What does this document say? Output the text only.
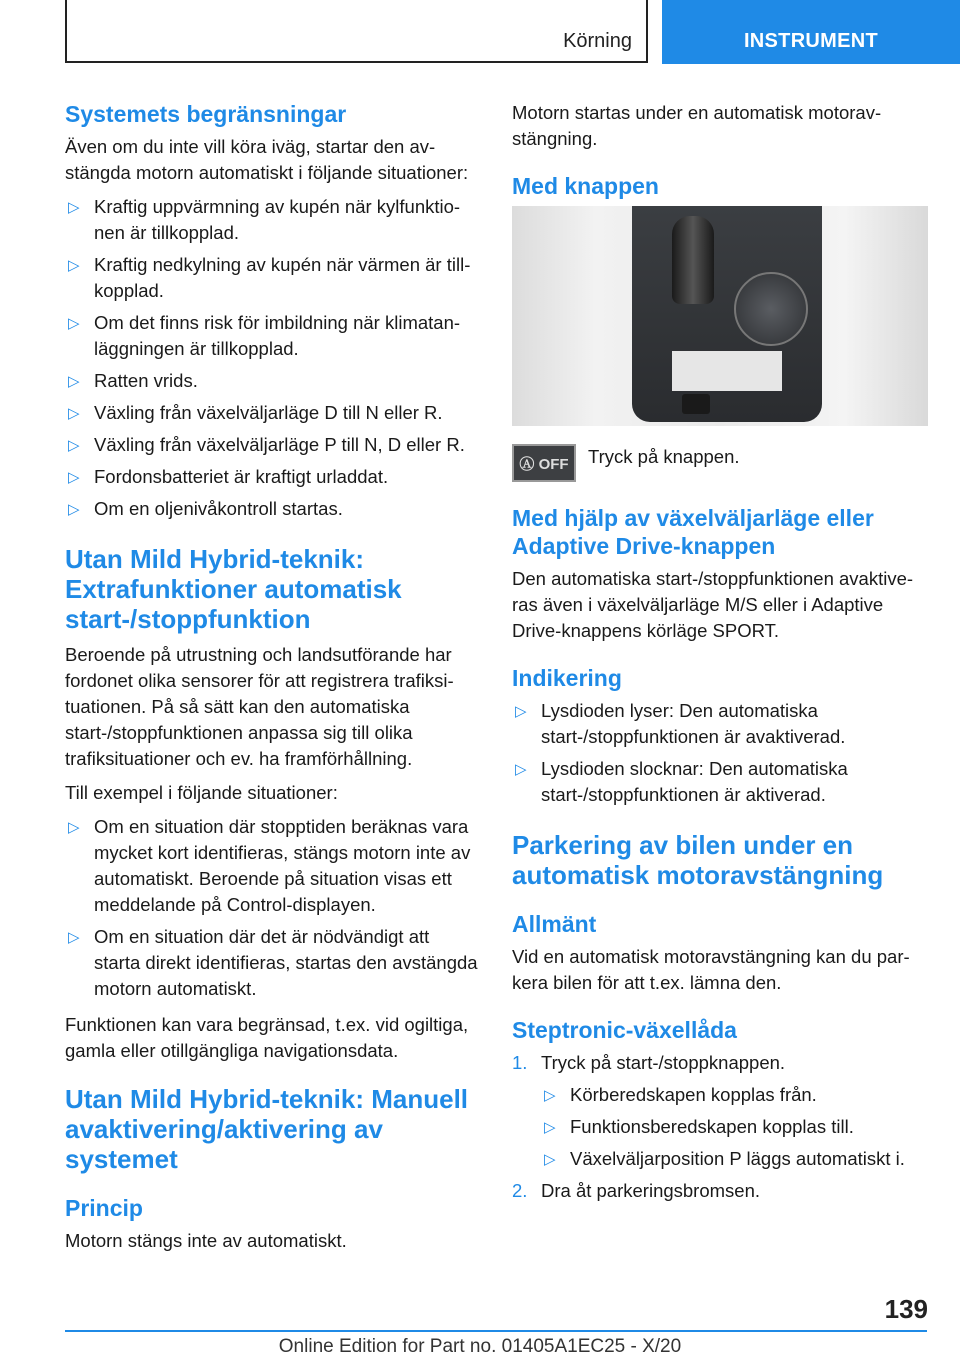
Körning	INSTRUMENT
Systemets begränsningar
Även om du inte vill köra iväg, startar den avstängda motorn automatiskt i följande situationer:
▷ Kraftig uppvärmning av kupén när kylfunktionen är tillkopplad.
▷ Kraftig nedkylning av kupén när värmen är tillkopplad.
▷ Om det finns risk för imbildning när klimatanläggningen är tillkopplad.
▷ Ratten vrids.
▷ Växling från växelväljarläge D till N eller R.
▷ Växling från växelväljarläge P till N, D eller R.
▷ Fordonsbatteriet är kraftigt urladdat.
▷ Om en oljenivåkontroll startas.
Utan Mild Hybrid-teknik: Extrafunktioner automatisk start-/stoppfunktion
Beroende på utrustning och landsutförande har fordonet olika sensorer för att registrera trafiksituationen. På så sätt kan den automatiska start-/stoppfunktionen anpassa sig till olika trafiksituationer och ev. ha framförhållning.
Till exempel i följande situationer:
▷ Om en situation där stopptiden beräknas vara mycket kort identifieras, stängs motorn inte av automatiskt. Beroende på situation visas ett meddelande på Control-displayen.
▷ Om en situation där det är nödvändigt att starta direkt identifieras, startas den avstängda motorn automatiskt.
Funktionen kan vara begränsad, t.ex. vid ogiltiga, gamla eller otillgängliga navigationsdata.
Utan Mild Hybrid-teknik: Manuell avaktivering/aktivering av systemet
Princip
Motorn stängs inte av automatiskt.
Motorn startas under en automatisk motoravstängning.
Med knappen
Ⓐ OFF	Tryck på knappen.
Med hjälp av växelväljarläge eller Adaptive Drive-knappen
Den automatiska start-/stoppfunktionen avaktiveras även i växelväljarläge M/S eller i Adaptive Drive-knappens körläge SPORT.
Indikering
▷ Lysdioden lyser: Den automatiska start-/stoppfunktionen är avaktiverad.
▷ Lysdioden slocknar: Den automatiska start-/stoppfunktionen är aktiverad.
Parkering av bilen under en automatisk motoravstängning
Allmänt
Vid en automatisk motoravstängning kan du parkera bilen för att t.ex. lämna den.
Steptronic-växellåda
1. Tryck på start-/stoppknappen.
▷ Körberedskapen kopplas från.
▷ Funktionsberedskapen kopplas till.
▷ Växelväljarposition P läggs automatiskt i.
2. Dra åt parkeringsbromsen.
139
Online Edition for Part no. 01405A1EC25 - X/20
